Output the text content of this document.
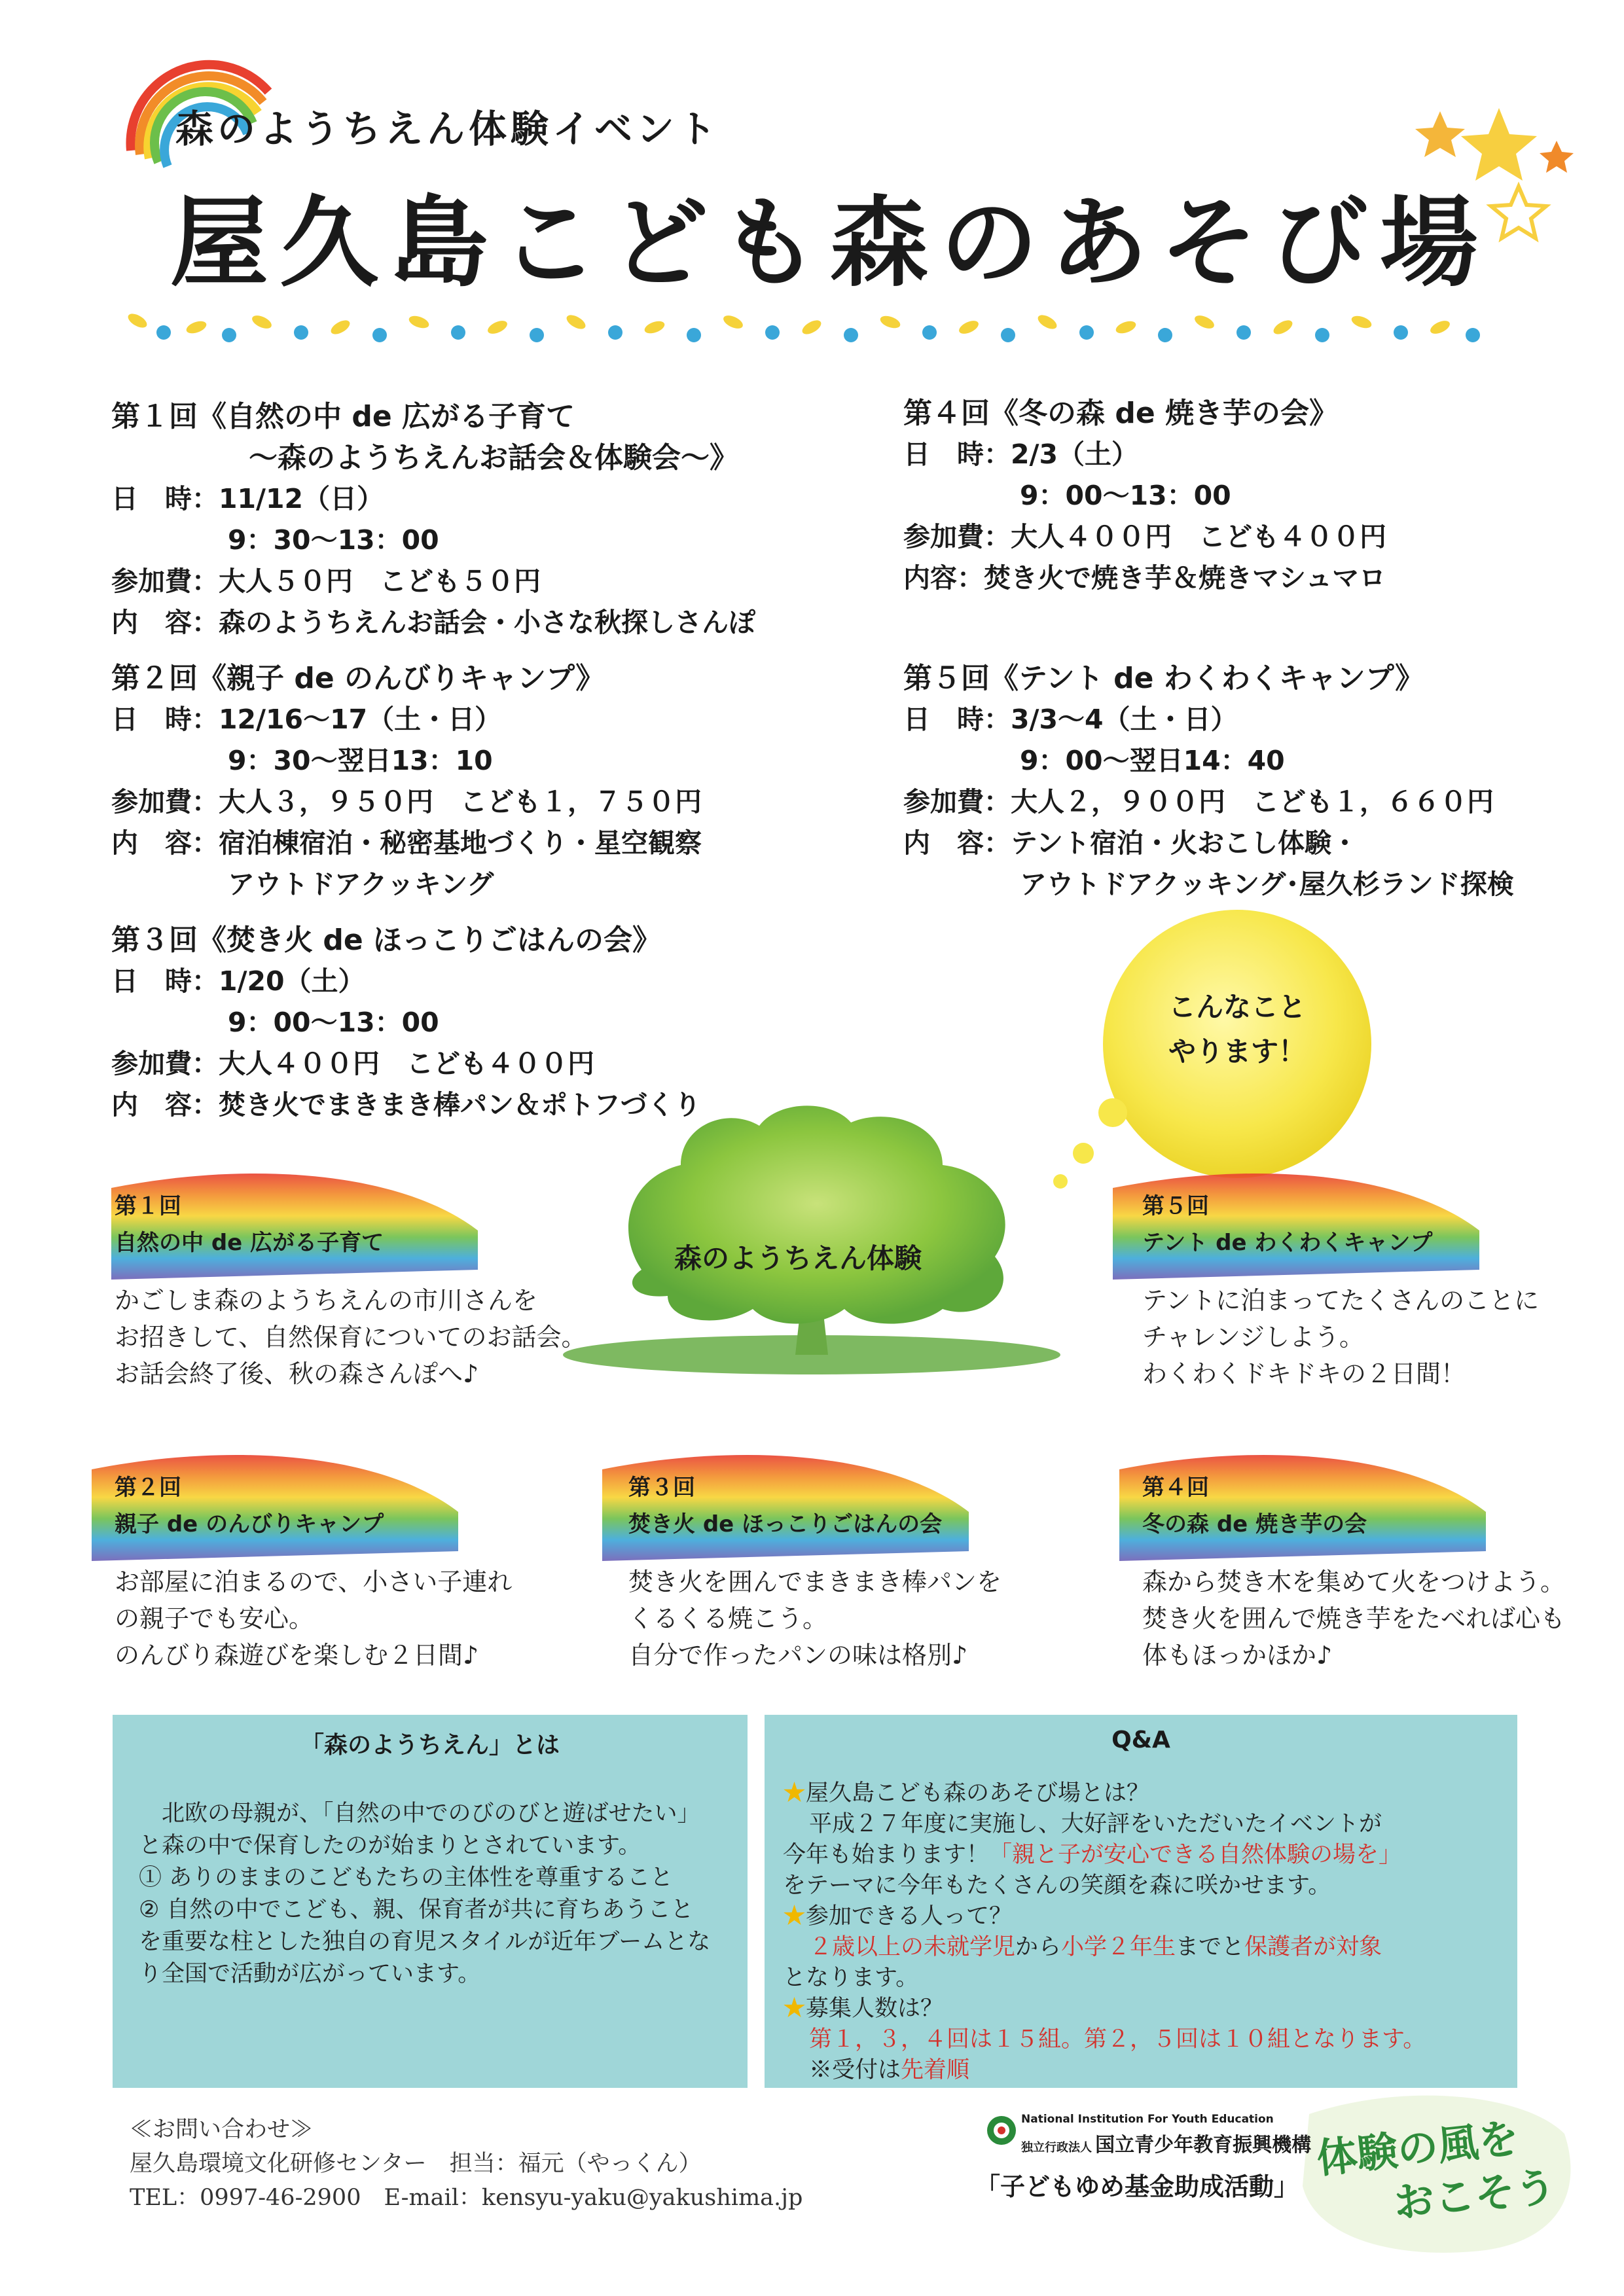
森のようちえん体験イベント
屋久島こども森のあそび場
第１回《自然の中 de 広がる子育て
〜森のようちえんお話会＆体験会〜》
日　時：11/12（日）
9：30〜13：00
参加費：大人５０円　こども５０円
内　容：森のようちえんお話会・小さな秋探しさんぽ
第２回《親子 de のんびりキャンプ》
日　時：12/16〜17（土・日）
9：30〜翌日13：10
参加費：大人３，９５０円　こども１，７５０円
内　容：宿泊棟宿泊・秘密基地づくり・星空観察
アウトドアクッキング
第３回《焚き火 de ほっこりごはんの会》
日　時：1/20（土）
9：00〜13：00
参加費：大人４００円　こども４００円
内　容：焚き火でまきまき棒パン＆ポトフづくり
第４回《冬の森 de 焼き芋の会》
日　時：2/3（土）
9：00〜13：00
参加費：大人４００円　こども４００円
内容：焚き火で焼き芋＆焼きマシュマロ
第５回《テント de わくわくキャンプ》
日　時：3/3〜4（土・日）
9：00〜翌日14：40
参加費：大人２，９００円　こども１，６６０円
内　容：テント宿泊・火おこし体験・
アウトドアクッキング･屋久杉ランド探検
こんなこと
やります！
森のようちえん体験
第１回
自然の中 de 広がる子育て
かごしま森のようちえんの市川さんを
お招きして、自然保育についてのお話会。
お話会終了後、秋の森さんぽへ♪
第５回
テント de わくわくキャンプ
テントに泊まってたくさんのことに
チャレンジしよう。
わくわくドキドキの２日間！
第２回
親子 de のんびりキャンプ
お部屋に泊まるので、小さい子連れ
の親子でも安心。
のんびり森遊びを楽しむ２日間♪
第３回
焚き火 de ほっこりごはんの会
焚き火を囲んでまきまき棒パンを
くるくる焼こう。
自分で作ったパンの味は格別♪
第４回
冬の森 de 焼き芋の会
森から焚き木を集めて火をつけよう。
焚き火を囲んで焼き芋をたべれば心も
体もほっかほか♪
「森のようちえん」とは
　北欧の母親が、「自然の中でのびのびと遊ばせたい」と森の中で保育したのが始まりとされています。
① ありのままのこどもたちの主体性を尊重すること
② 自然の中でこども、親、保育者が共に育ちあうこと
を重要な柱とした独自の育児スタイルが近年ブームとなり全国で活動が広がっています。
Q&A
★屋久島こども森のあそび場とは？
平成２７年度に実施し、大好評をいただいたイベントが
今年も始まります！「親と子が安心できる自然体験の場を」
をテーマに今年もたくさんの笑顔を森に咲かせます。
★参加できる人って？
２歳以上の未就学児から小学２年生までと保護者が対象
となります。
★募集人数は？
第１，３，４回は１５組。第２，５回は１０組となります。
※受付は先着順
≪お問い合わせ≫
屋久島環境文化研修センター　担当：福元（やっくん）
TEL：0997-46-2900　E-mail：kensyu-yaku@yakushima.jp
National Institution For Youth Education
独立行政法人 国立青少年教育振興機構
「子どもゆめ基金助成活動」
体験の風を
おこそう
